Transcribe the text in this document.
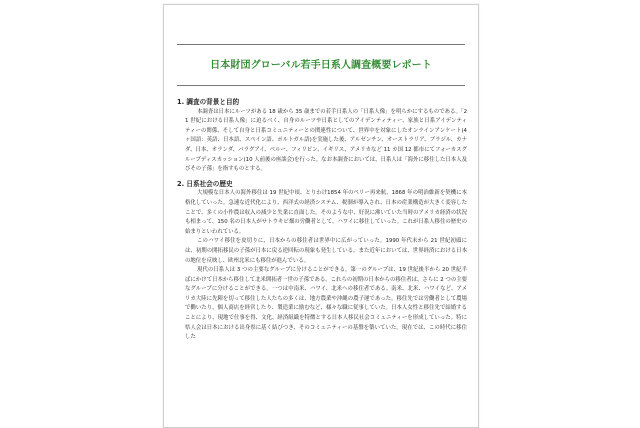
日本財団グローバル若手日系人調査概要レポート

1. 調査の背景と目的

本調査は日本にルーツがある 18 歳から 35 歳までの若手日系人の「日系人像」を明らかにするものである。「21 世紀における日系人像」に迫るべく、自身のルーツや日系としてのアイデンティティー、家族と日系アイデンティティーの関係、そして自身と日系コミュニティーとの関連性について、世界中を対象にしたオンラインアンケート(4 ヶ国語：英語、日本語、スペイン語、ポルトガル語)を実施した後、アルゼンチン、オーストラリア、ブラジル、カナダ、日本、オランダ、パラグアイ、ペルー、フィリピン、イギリス、アメリカなど 11 カ国 12 都市にてフォーカスグループディスカッション(10 人前後の座談会)を行った。なお本調査においては、日系人は「海外に移住した日本人及びその子孫」を指すものとする。

2. 日系社会の歴史

大規模な日本人の海外移住は 19 世紀中頃、とりわけ1854 年のペリー再来航、1868 年の明治維新を契機に本格化していった。急速な近代化により、西洋式の経済システム、税制が導入され、日本の産業構造が大きく変容したことで、多くの小作農は収入の減少と失業に直面した。そのような中、好況に沸いていた当時のアメリカ経済の状況も相まって、150 名の日本人がサトウキビ畑の労働者として、ハワイに移住していった。これが日系人移住の歴史の始まりといわれている。

このハワイ移住を皮切りに、日本からの移住者は世界中に広がっていった。1990 年代末から 21 世紀初頭には、初期の開拓移民の子孫が日本に戻る逆回転の現象も発生している。また近年においては、世界経済における日本の地位を反映し、欧州北米にも移住が進んでいる。

現代の日系人は 3 つの主要なグループに分けることができる。第一のグループは、19 世紀後半から 20 世紀半ばにかけて日本から移住して北米開拓者一世の子孫である。これらの初期の日本からの移住者は、さらに 2 つの主要なグループに分けることができる。一つは中南米、ハワイ、北米への移住者である。南米、北米、ハワイなど、アメリカ大陸に先陣を切って移住した人たちの多くは、地方農業や沖縄の農子運であった。移住先では労働者として農場で働いたり、個人商店を経営したり、製造業に励むなど、様々な職に従事していた。日本人女性と移住先で結婚することにより、現地で仕事を得、文化、経済組織を特徴とする日本人移民社会コミュニティーを形成していった。特に県人会は日本における出身県に基く結びつき、そのコミュニティーの基盤を築いていた。現在では、この時代に移住した
